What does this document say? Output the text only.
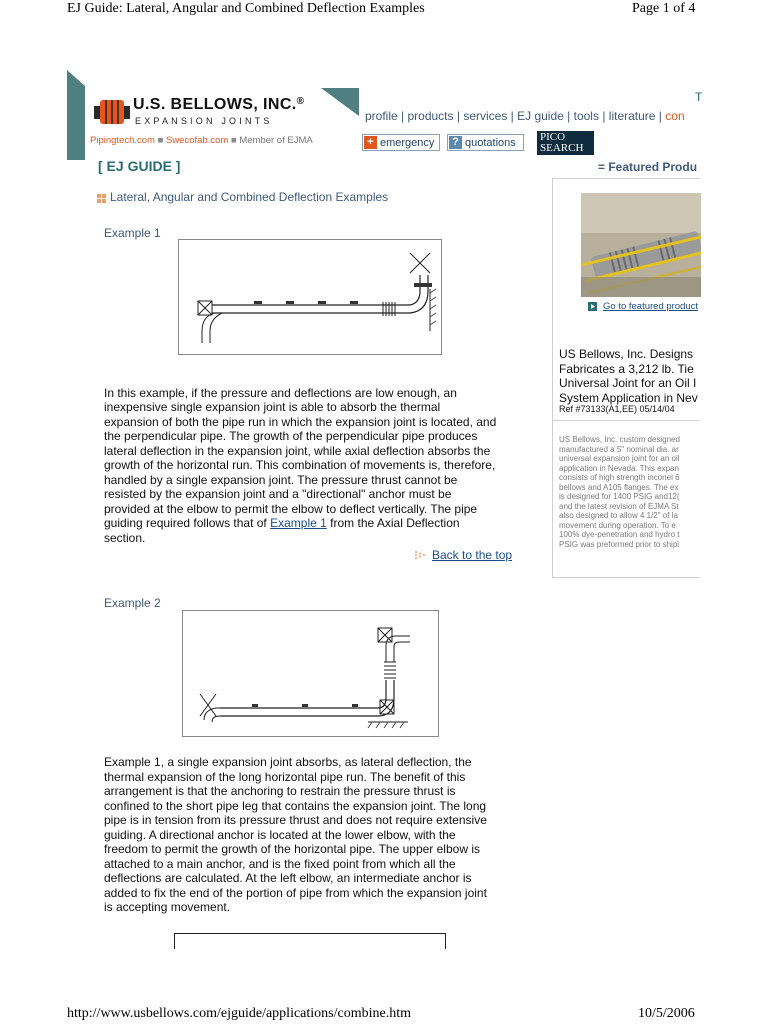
EJ Guide: Lateral, Angular and Combined Deflection Examples	Page 1 of 4
U.S. BELLOWS, INC.®
EXPANSION JOINTS
Pipingtech.com ■ Swecofab.com ■ Member of EJMA
profile | products | services | EJ guide | tools | literature | con
T
+ emergency	? quotations	PICO
SEARCH
[ EJ GUIDE ]	= Featured Produ
Lateral, Angular and Combined Deflection Examples
Example 1

In this example, if the pressure and deflections are low enough, an
inexpensive single expansion joint is able to absorb the thermal
expansion of both the pipe run in which the expansion joint is located, and
the perpendicular pipe. The growth of the perpendicular pipe produces
lateral deflection in the expansion joint, while axial deflection absorbs the
growth of the horizontal run. This combination of movements is, therefore,
handled by a single expansion joint. The pressure thrust cannot be
resisted by the expansion joint and a "directional" anchor must be
provided at the elbow to permit the elbow to deflect vertically. The pipe
guiding required follows that of Example 1 from the Axial Deflection
section.

Back to the top
Example 2
Example 1, a single expansion joint absorbs, as lateral deflection, the
thermal expansion of the long horizontal pipe run. The benefit of this
arrangement is that the anchoring to restrain the pressure thrust is
confined to the short pipe leg that contains the expansion joint. The long
pipe is in tension from its pressure thrust and does not require extensive
guiding. A directional anchor is located at the lower elbow, with the
freedom to permit the growth of the horizontal pipe. The upper elbow is
attached to a main anchor, and is the fixed point from which all the
deflections are calculated. At the left elbow, an intermediate anchor is
added to fix the end of the portion of pipe from which the expansion joint
is accepting movement.
Go to featured product
US Bellows, Inc. Designs
Fabricates a 3,212 lb. Tie
Universal Joint for an Oil I
System Application in Nev
Ref #73133(A1,EE) 05/14/04
US Bellows, Inc. custom designed
manufactured a 5" nominal dia. ar
universal expansion joint for an oil
application in Nevada. This expan
consists of high strength inconel 6
bellows and A105 flanges. The ex
is designed for 1400 PSIG and12(
and the latest revision of EJMA St
also designed to allow 4 1/2" of la
movement during operation. To e
100% dye-penetration and hydro t
PSIG was preformed prior to shipi
http://www.usbellows.com/ejguide/applications/combine.htm	10/5/2006
